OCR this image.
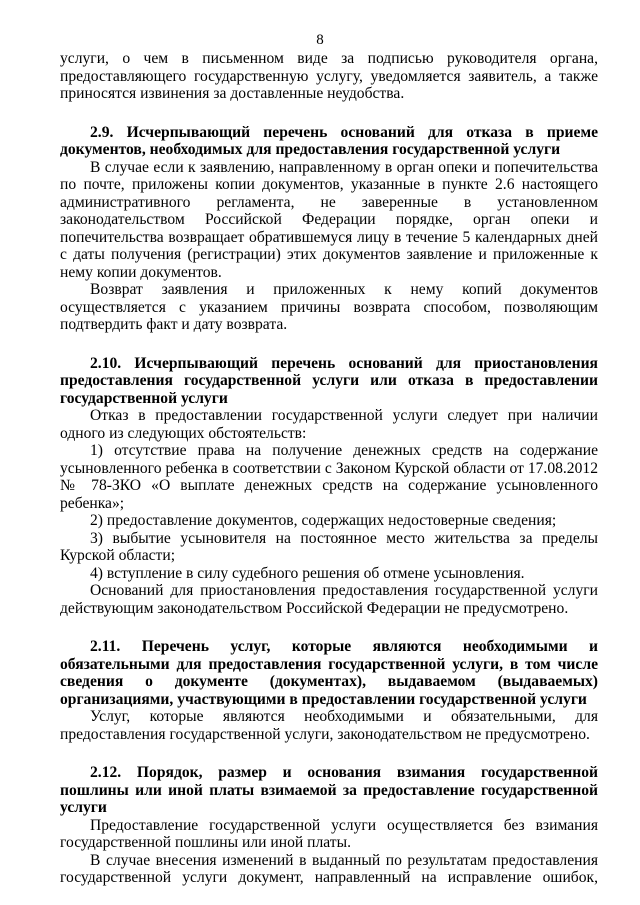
8

услуги, о чем в письменном виде за подписью руководителя органа, предоставляющего государственную услугу, уведомляется заявитель, а также приносятся извинения за доставленные неудобства.

2.9. Исчерпывающий перечень оснований для отказа в приеме документов, необходимых для предоставления государственной услуги

В случае если к заявлению, направленному в орган опеки и попечительства по почте, приложены копии документов, указанные в пункте 2.6 настоящего административного регламента, не заверенные в установленном законодательством Российской Федерации порядке, орган опеки и попечительства возвращает обратившемуся лицу в течение 5 календарных дней с даты получения (регистрации) этих документов заявление и приложенные к нему копии документов.

Возврат заявления и приложенных к нему копий документов осуществляется с указанием причины возврата способом, позволяющим подтвердить факт и дату возврата.

2.10. Исчерпывающий перечень оснований для приостановления предоставления государственной услуги или отказа в предоставлении государственной услуги

Отказ в предоставлении государственной услуги следует при наличии одного из следующих обстоятельств:

1) отсутствие права на получение денежных средств на содержание усыновленного ребенка в соответствии с Законом Курской области от 17.08.2012 № 78-ЗКО «О выплате денежных средств на содержание усыновленного ребенка»;

2) предоставление документов, содержащих недостоверные сведения;

3) выбытие усыновителя на постоянное место жительства за пределы Курской области;

4) вступление в силу судебного решения об отмене усыновления.

Оснований для приостановления предоставления государственной услуги действующим законодательством Российской Федерации не предусмотрено.

2.11. Перечень услуг, которые являются необходимыми и обязательными для предоставления государственной услуги, в том числе сведения о документе (документах), выдаваемом (выдаваемых) организациями, участвующими в предоставлении государственной услуги

Услуг, которые являются необходимыми и обязательными, для предоставления государственной услуги, законодательством не предусмотрено.

2.12. Порядок, размер и основания взимания государственной пошлины или иной платы взимаемой за предоставление государственной услуги

Предоставление государственной услуги осуществляется без взимания государственной пошлины или иной платы.

В случае внесения изменений в выданный по результатам предоставления государственной услуги документ, направленный на исправление ошибок,
